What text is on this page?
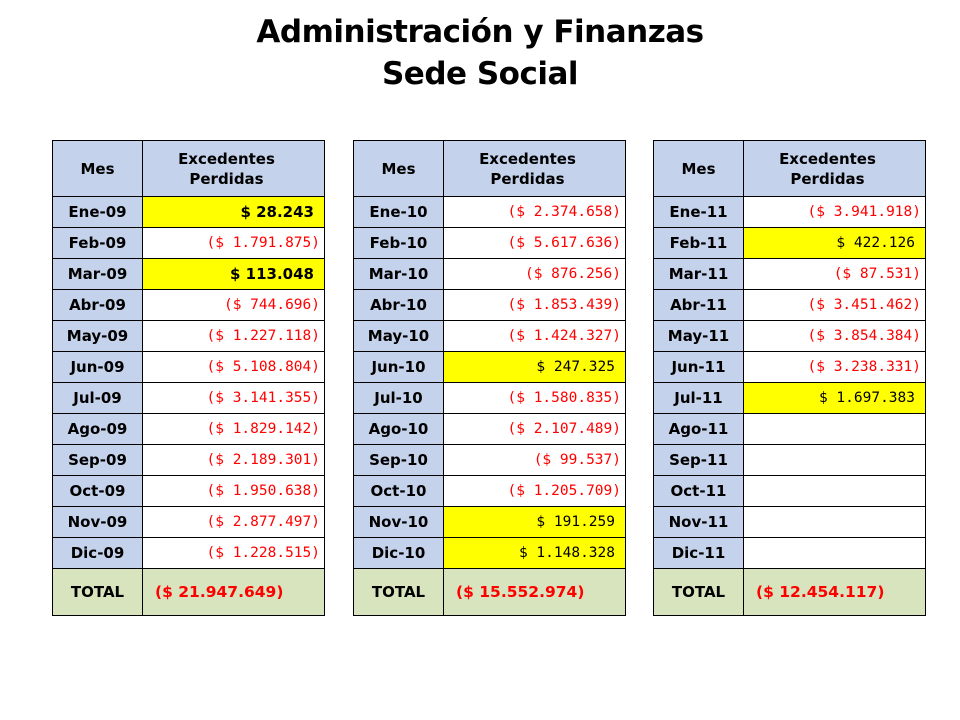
Administración y Finanzas
Sede Social
Mes	Excedentes
Perdidas
Ene-09	$ 28.243
Feb-09	($ 1.791.875)
Mar-09	$ 113.048
Abr-09	($ 744.696)
May-09	($ 1.227.118)
Jun-09	($ 5.108.804)
Jul-09	($ 3.141.355)
Ago-09	($ 1.829.142)
Sep-09	($ 2.189.301)
Oct-09	($ 1.950.638)
Nov-09	($ 2.877.497)
Dic-09	($ 1.228.515)
TOTAL	($ 21.947.649)
Mes	Excedentes
Perdidas
Ene-10	($ 2.374.658)
Feb-10	($ 5.617.636)
Mar-10	($ 876.256)
Abr-10	($ 1.853.439)
May-10	($ 1.424.327)
Jun-10	$ 247.325
Jul-10	($ 1.580.835)
Ago-10	($ 2.107.489)
Sep-10	($ 99.537)
Oct-10	($ 1.205.709)
Nov-10	$ 191.259
Dic-10	$ 1.148.328
TOTAL	($ 15.552.974)
Mes	Excedentes
Perdidas
Ene-11	($ 3.941.918)
Feb-11	$ 422.126
Mar-11	($ 87.531)
Abr-11	($ 3.451.462)
May-11	($ 3.854.384)
Jun-11	($ 3.238.331)
Jul-11	$ 1.697.383
Ago-11	
Sep-11	
Oct-11	
Nov-11	
Dic-11	
TOTAL	($ 12.454.117)
